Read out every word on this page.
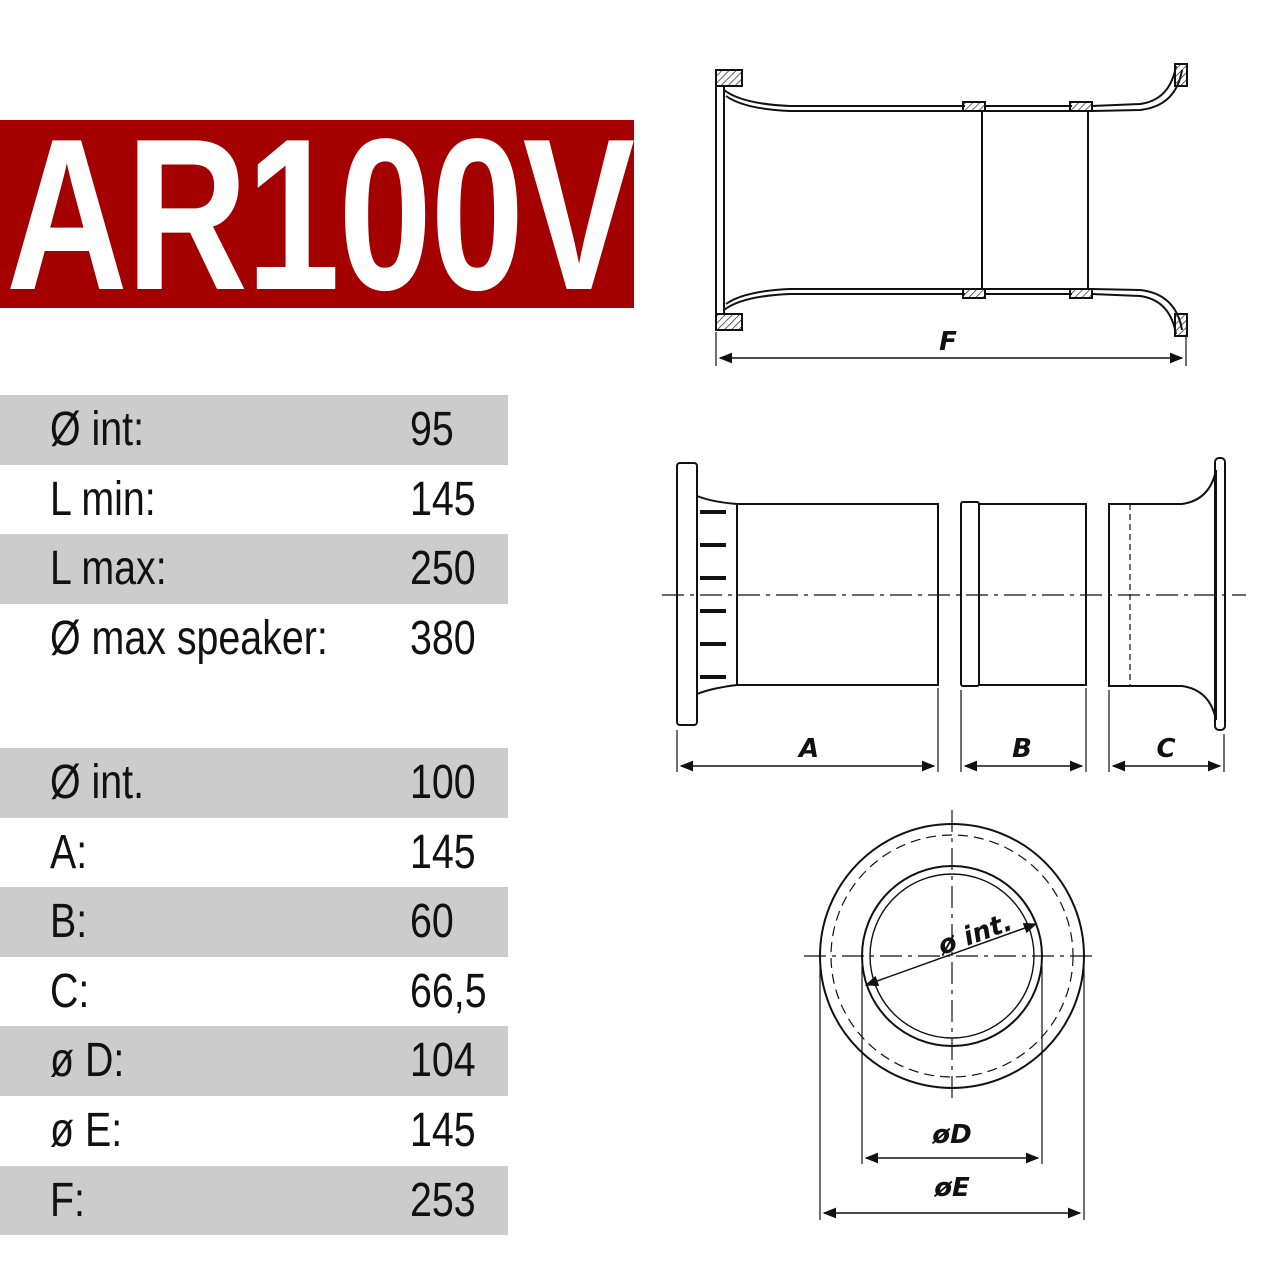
AR100V
Ø int:	95
L min:	145
L max:	250
Ø max speaker: 380
Ø int.	100
A:	145
B:	60
C:	66,5
ø D:	104
ø E:	145
F:	253
F
A	B	C
ø int.
øD
øE
